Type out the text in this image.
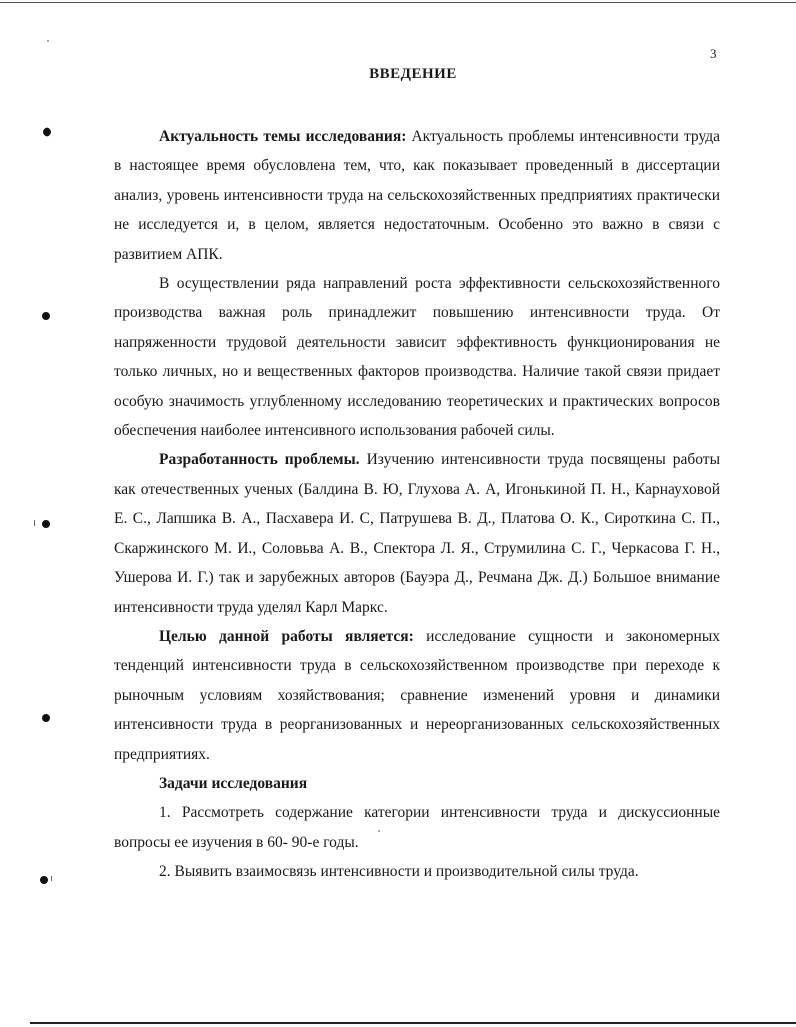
3
ВВЕДЕНИЕ

Актуальность темы исследования: Актуальность проблемы интенсивности труда в настоящее время обусловлена тем, что, как показывает проведенный в диссертации анализ, уровень интенсивности труда на сельскохозяйственных предприятиях практически не исследуется и, в целом, является недостаточным. Особенно это важно в связи с развитием АПК.

В осуществлении ряда направлений роста эффективности сельскохозяйственного производства важная роль принадлежит повышению интенсивности труда. От напряженности трудовой деятельности зависит эффективность функционирования не только личных, но и вещественных факторов производства. Наличие такой связи придает особую значимость углубленному исследованию теоретических и практических вопросов обеспечения наиболее интенсивного использования рабочей силы.

Разработанность проблемы. Изучению интенсивности труда посвящены работы как отечественных ученых (Балдина В. Ю, Глухова А. А, Игонькиной П. Н., Карнауховой Е. С., Лапшика В. А., Пасхавера И. С, Патрушева В. Д., Платова О. К., Сироткина С. П., Скаржинского М. И., Соловьва А. В., Спектора Л. Я., Струмилина С. Г., Черкасова Г. Н., Ушерова И. Г.) так и зарубежных авторов (Бауэра Д., Речмана Дж. Д.) Большое внимание интенсивности труда уделял Карл Маркс.

Целью данной работы является: исследование сущности и закономерных тенденций интенсивности труда в сельскохозяйственном производстве при переходе к рыночным условиям хозяйствования; сравнение изменений уровня и динамики интенсивности труда в реорганизованных и нереорганизованных сельскохозяйственных предприятиях.

Задачи исследования

1. Рассмотреть содержание категории интенсивности труда и дискуссионные вопросы ее изучения в 60- 90-е годы.

2. Выявить взаимосвязь интенсивности и производительной силы труда.
